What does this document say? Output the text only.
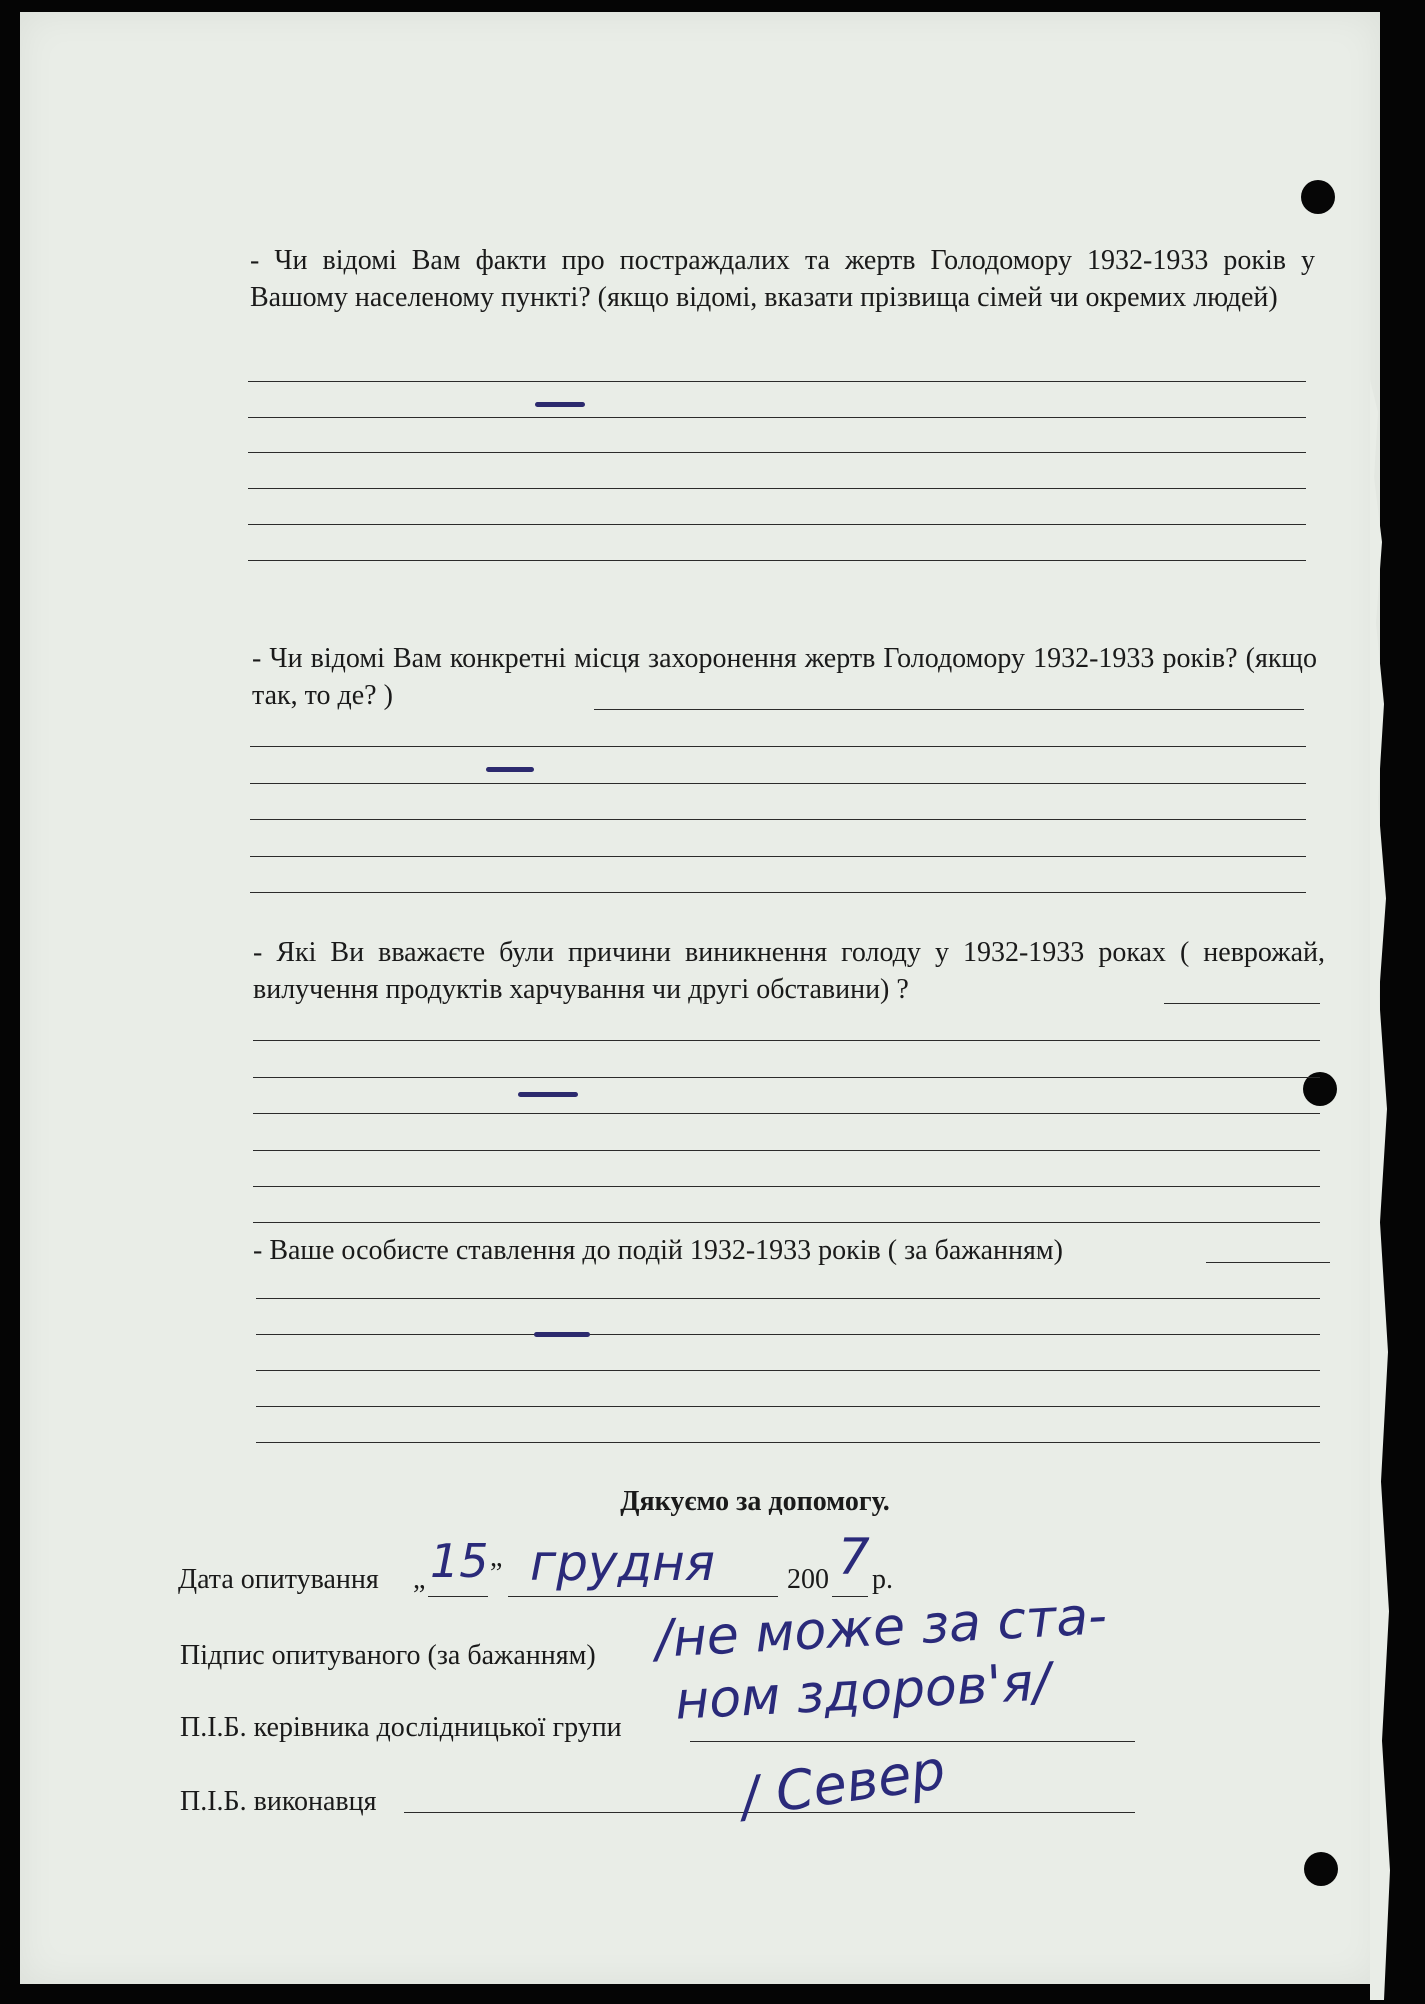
- Чи відомі Вам факти про постраждалих та жертв Голодомору 1932-1933 років у Вашому населеному пункті? (якщо відомі, вказати прізвища сімей чи окремих людей)
- Чи відомі Вам конкретні місця захоронення жертв Голодомору 1932-1933 років? (якщо так, то де? )
- Які Ви вважаєте були причини виникнення голоду у 1932-1933 роках ( неврожай, вилучення продуктів харчування чи другі обставини) ?
- Ваше особисте ставлення до подій 1932-1933 років ( за бажанням)
Дякуємо за допомогу.
Дата опитування „ 15 ” грудня	200 7 р.
Підпис опитуваного (за бажанням) /не може за ста-
ном здоров'я/
П.І.Б. керівника дослідницької групи
П.І.Б. виконавця	/ Север
